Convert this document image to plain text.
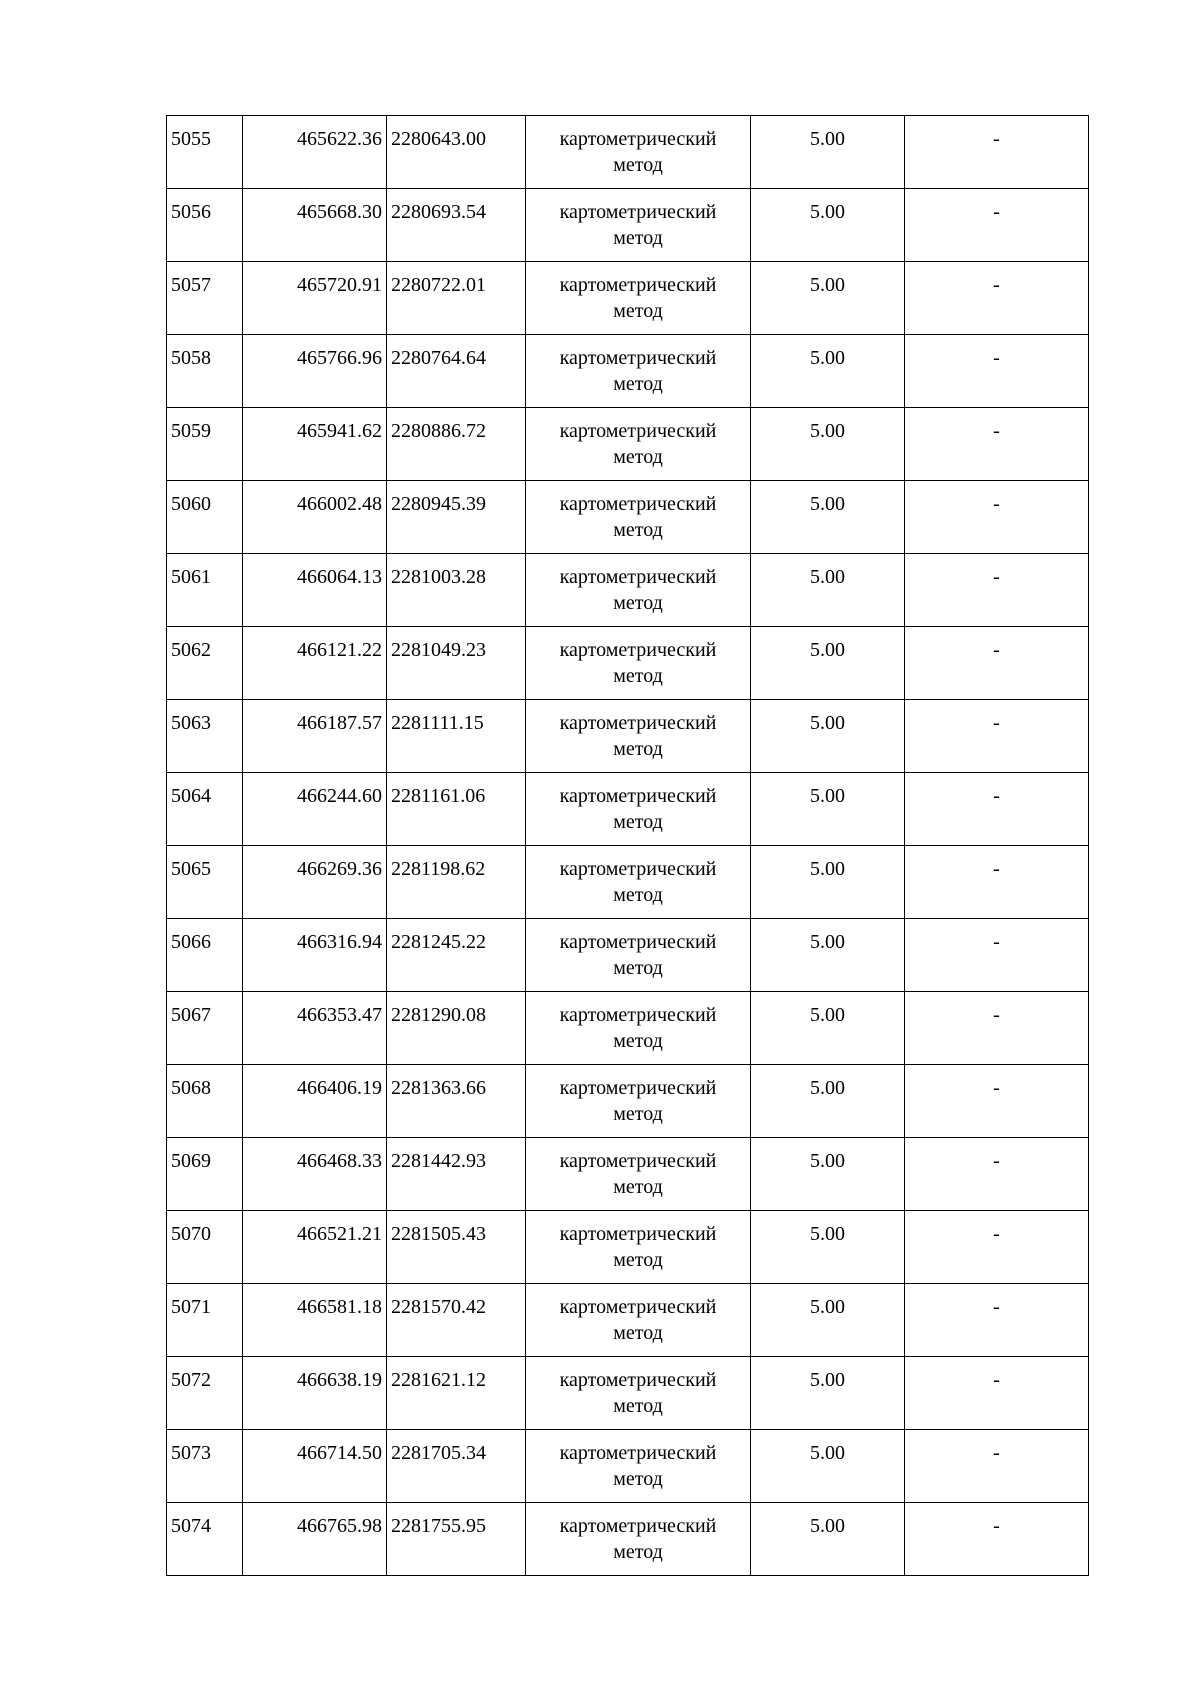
5055	465622.36	2280643.00	картометрический
метод	5.00	-
5056	465668.30	2280693.54	картометрический
метод	5.00	-
5057	465720.91	2280722.01	картометрический
метод	5.00	-
5058	465766.96	2280764.64	картометрический
метод	5.00	-
5059	465941.62	2280886.72	картометрический
метод	5.00	-
5060	466002.48	2280945.39	картометрический
метод	5.00	-
5061	466064.13	2281003.28	картометрический
метод	5.00	-
5062	466121.22	2281049.23	картометрический
метод	5.00	-
5063	466187.57	2281111.15	картометрический
метод	5.00	-
5064	466244.60	2281161.06	картометрический
метод	5.00	-
5065	466269.36	2281198.62	картометрический
метод	5.00	-
5066	466316.94	2281245.22	картометрический
метод	5.00	-
5067	466353.47	2281290.08	картометрический
метод	5.00	-
5068	466406.19	2281363.66	картометрический
метод	5.00	-
5069	466468.33	2281442.93	картометрический
метод	5.00	-
5070	466521.21	2281505.43	картометрический
метод	5.00	-
5071	466581.18	2281570.42	картометрический
метод	5.00	-
5072	466638.19	2281621.12	картометрический
метод	5.00	-
5073	466714.50	2281705.34	картометрический
метод	5.00	-
5074	466765.98	2281755.95	картометрический
метод	5.00	-
